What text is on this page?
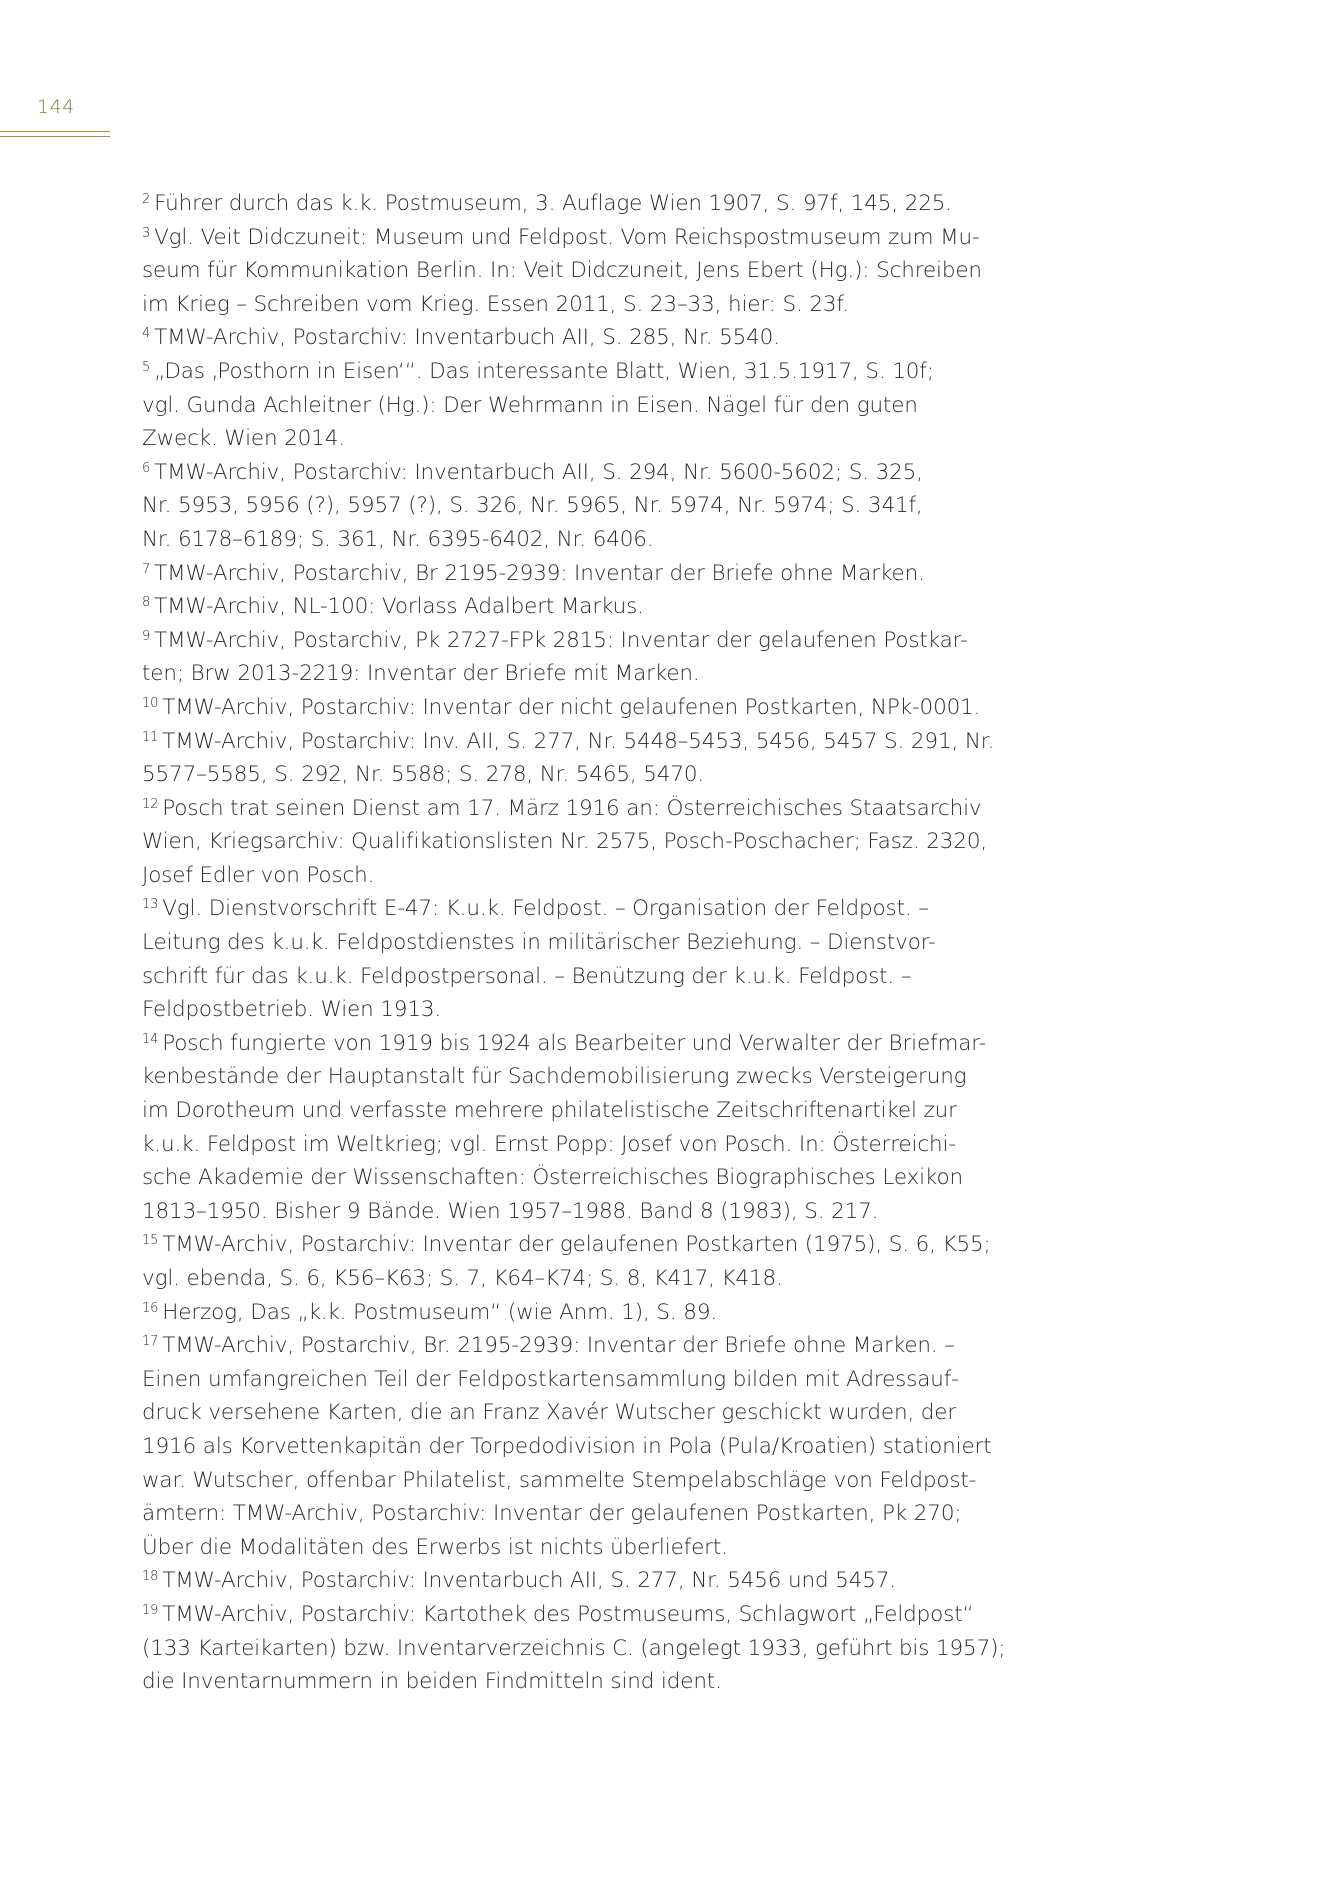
144
$^2$ Führer durch das k.k. Postmuseum, 3. Auflage Wien 1907, S. 97f, 145, 225.
$^3$ Vgl. Veit Didczuneit: Museum und Feldpost. Vom Reichspostmuseum zum Mu-
seum für Kommunikation Berlin. In: Veit Didczuneit, Jens Ebert (Hg.): Schreiben
im Krieg – Schreiben vom Krieg. Essen 2011, S. 23–33, hier: S. 23f.
$^4$ TMW-Archiv, Postarchiv: Inventarbuch AII, S. 285, Nr. 5540.
$^5$ „Das ‚Posthorn in Eisen‘“. Das interessante Blatt, Wien, 31.5.1917, S. 10f;
vgl. Gunda Achleitner (Hg.): Der Wehrmann in Eisen. Nägel für den guten
Zweck. Wien 2014.
$^6$ TMW-Archiv, Postarchiv: Inventarbuch AII, S. 294, Nr. 5600-5602; S. 325,
Nr. 5953, 5956 (?), 5957 (?), S. 326, Nr. 5965, Nr. 5974, Nr. 5974; S. 341f,
Nr. 6178–6189; S. 361, Nr. 6395-6402, Nr. 6406.
$^7$ TMW-Archiv, Postarchiv, Br 2195-2939: Inventar der Briefe ohne Marken.
$^8$ TMW-Archiv, NL-100: Vorlass Adalbert Markus.
$^9$ TMW-Archiv, Postarchiv, Pk 2727-FPk 2815: Inventar der gelaufenen Postkar-
ten; Brw 2013-2219: Inventar der Briefe mit Marken.
$^{10}$ TMW-Archiv, Postarchiv: Inventar der nicht gelaufenen Postkarten, NPk-0001.
$^{11}$ TMW-Archiv, Postarchiv: Inv. AII, S. 277, Nr. 5448–5453, 5456, 5457 S. 291, Nr.
5577–5585, S. 292, Nr. 5588; S. 278, Nr. 5465, 5470.
$^{12}$ Posch trat seinen Dienst am 17. März 1916 an: Österreichisches Staatsarchiv
Wien, Kriegsarchiv: Qualifikationslisten Nr. 2575, Posch-Poschacher; Fasz. 2320,
Josef Edler von Posch.
$^{13}$ Vgl. Dienstvorschrift E-47: K.u.k. Feldpost. – Organisation der Feldpost. –
Leitung des k.u.k. Feldpostdienstes in militärischer Beziehung. – Dienstvor-
schrift für das k.u.k. Feldpostpersonal. – Benützung der k.u.k. Feldpost. –
Feldpostbetrieb. Wien 1913.
$^{14}$ Posch fungierte von 1919 bis 1924 als Bearbeiter und Verwalter der Briefmar-
kenbestände der Hauptanstalt für Sachdemobilisierung zwecks Versteigerung
im Dorotheum und verfasste mehrere philatelistische Zeitschriftenartikel zur
k.u.k. Feldpost im Weltkrieg; vgl. Ernst Popp: Josef von Posch. In: Österreichi-
sche Akademie der Wissenschaften: Österreichisches Biographisches Lexikon
1813–1950. Bisher 9 Bände. Wien 1957–1988. Band 8 (1983), S. 217.
$^{15}$ TMW-Archiv, Postarchiv: Inventar der gelaufenen Postkarten (1975), S. 6, K55;
vgl. ebenda, S. 6, K56–K63; S. 7, K64–K74; S. 8, K417, K418.
$^{16}$ Herzog, Das „k.k. Postmuseum“ (wie Anm. 1), S. 89.
$^{17}$ TMW-Archiv, Postarchiv, Br. 2195-2939: Inventar der Briefe ohne Marken. –
Einen umfangreichen Teil der Feldpostkartensammlung bilden mit Adressauf-
druck versehene Karten, die an Franz Xavér Wutscher geschickt wurden, der
1916 als Korvettenkapitän der Torpedodivision in Pola (Pula/Kroatien) stationiert
war. Wutscher, offenbar Philatelist, sammelte Stempelabschläge von Feldpost-
ämtern: TMW-Archiv, Postarchiv: Inventar der gelaufenen Postkarten, Pk 270;
Über die Modalitäten des Erwerbs ist nichts überliefert.
$^{18}$ TMW-Archiv, Postarchiv: Inventarbuch AII, S. 277, Nr. 5456 und 5457.
$^{19}$ TMW-Archiv, Postarchiv: Kartothek des Postmuseums, Schlagwort „Feldpost“
(133 Karteikarten) bzw. Inventarverzeichnis C. (angelegt 1933, geführt bis 1957);
die Inventarnummern in beiden Findmitteln sind ident.
